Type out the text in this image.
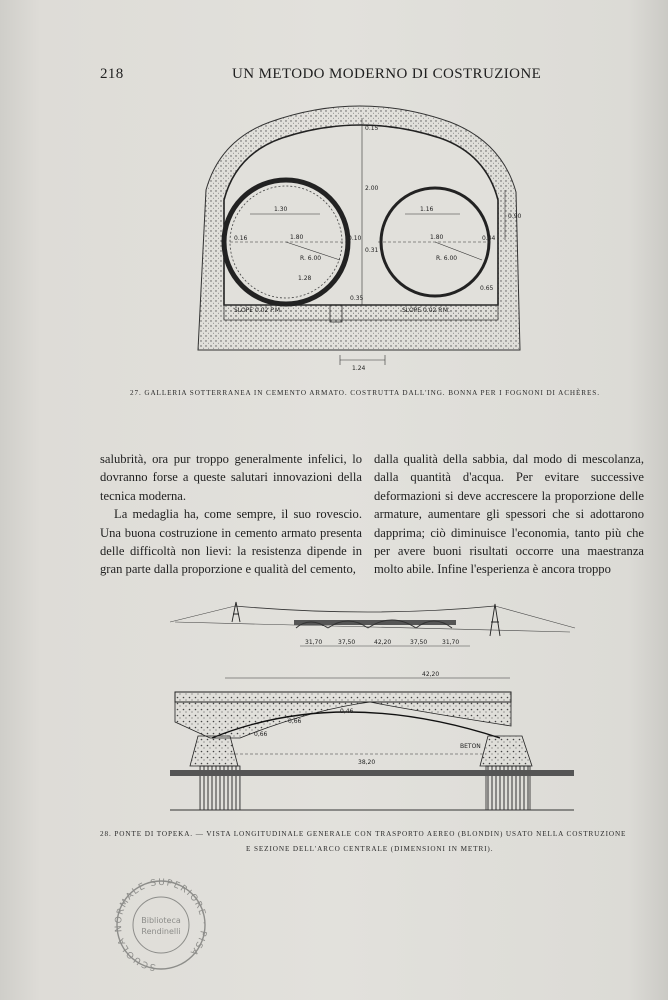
218	UN METODO MODERNO DI COSTRUZIONE
1.30	1.16
1.80	1.80
R. 6.00	R. 6.00
2.00
0.15
0.90
1.24
1.28
0.16	0.10
0.31
0.35
0.44
0.65
SLOPE 0.02 P.M.	SLOPE 0.02 P.M.
27. GALLERIA SOTTERRANEA IN CEMENTO ARMATO. COSTRUTTA DALL'ING. BONNA PER I FOGNONI DI ACHÈRES.

salubrità, ora pur troppo generalmente infelici, lo dovranno forse a queste salutari innovazioni della tecnica moderna.

La medaglia ha, come sempre, il suo rovescio. Una buona costruzione in cemento armato presenta delle difficoltà non lievi: la resistenza dipende in gran parte dalla proporzione e qualità del cemento,

dalla qualità della sabbia, dal modo di mescolanza, dalla quantità d'acqua. Per evitare successive deformazioni si deve accrescere la proporzione delle armature, aumentare gli spessori che si adottarono dapprima; ciò diminuisce l'economia, tanto più che per avere buoni risultati occorre una maestranza molto abile. Infine l'esperienza è ancora troppo

31,70	37,50	42,20	37,50 31,70
42,20
38,20
0,66
0,66
0,46
BETON
28. PONTE DI TOPEKA. — VISTA LONGITUDINALE GENERALE CON TRASPORTO AEREO (BLONDIN) USATO NELLA COSTRUZIONE
E SEZIONE DELL'ARCO CENTRALE (DIMENSIONI IN METRI).
SCUOLA NORMALE SUPERIORE · PISA
Biblioteca
Rendinelli
